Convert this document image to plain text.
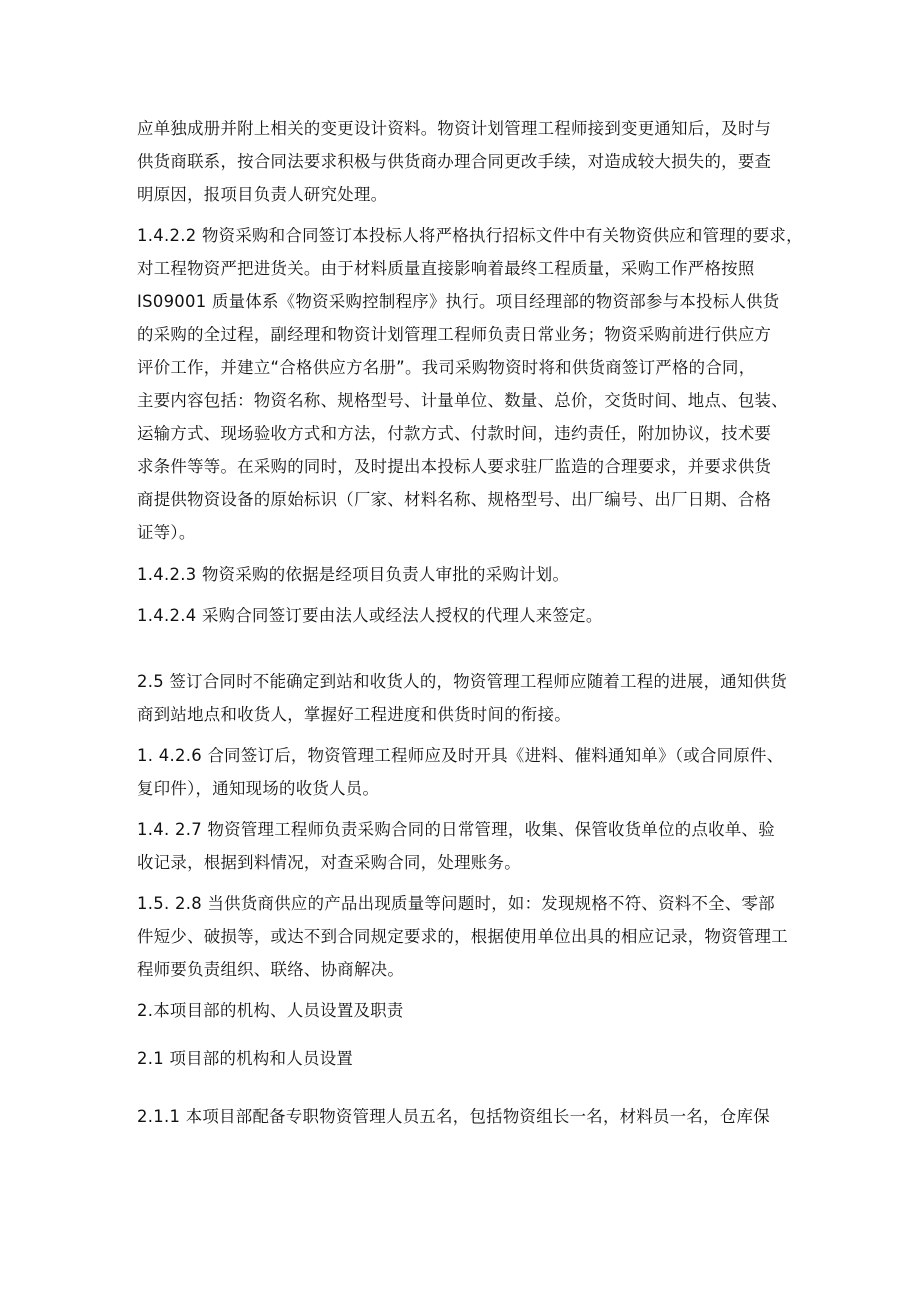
应单独成册并附上相关的变更设计资料。物资计划管理工程师接到变更通知后，及时与
供货商联系，按合同法要求积极与供货商办理合同更改手续，对造成较大损失的，要查
明原因，报项目负责人研究处理。
1.4.2.2 物资采购和合同签订本投标人将严格执行招标文件中有关物资供应和管理的要求，
对工程物资严把进货关。由于材料质量直接影响着最终工程质量，采购工作严格按照
IS09001 质量体系《物资采购控制程序》执行。项目经理部的物资部参与本投标人供货
的采购的全过程，副经理和物资计划管理工程师负责日常业务；物资采购前进行供应方
评价工作，并建立“合格供应方名册”。我司采购物资时将和供货商签订严格的合同，
主要内容包括：物资名称、规格型号、计量单位、数量、总价，交货时间、地点、包装、
运输方式、现场验收方式和方法，付款方式、付款时间，违约责任，附加协议，技术要
求条件等等。在采购的同时，及时提出本投标人要求驻厂监造的合理要求，并要求供货
商提供物资设备的原始标识（厂家、材料名称、规格型号、出厂编号、出厂日期、合格
证等）。
1.4.2.3 物资采购的依据是经项目负责人审批的采购计划。
1.4.2.4 采购合同签订要由法人或经法人授权的代理人来签定。
2.5 签订合同时不能确定到站和收货人的，物资管理工程师应随着工程的进展，通知供货
商到站地点和收货人，掌握好工程进度和供货时间的衔接。
1. 4.2.6 合同签订后，物资管理工程师应及时开具《进料、催料通知单》（或合同原件、
复印件），通知现场的收货人员。
1.4. 2.7 物资管理工程师负责采购合同的日常管理，收集、保管收货单位的点收单、验
收记录，根据到料情况，对查采购合同，处理账务。
1.5. 2.8 当供货商供应的产品出现质量等问题时，如：发现规格不符、资料不全、零部
件短少、破损等，或达不到合同规定要求的，根据使用单位出具的相应记录，物资管理工
程师要负责组织、联络、协商解决。
2.本项目部的机构、人员设置及职责
2.1 项目部的机构和人员设置
2.1.1 本项目部配备专职物资管理人员五名，包括物资组长一名，材料员一名，仓库保
